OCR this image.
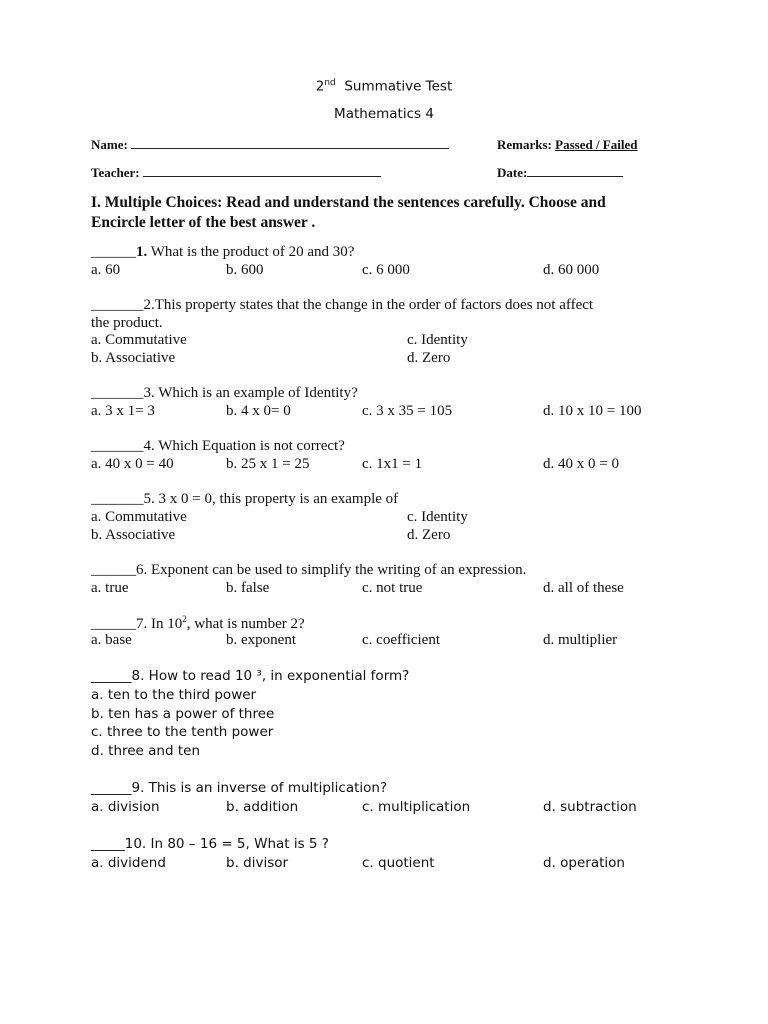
2nd Summative Test
Mathematics 4
Name:	Remarks: Passed / Failed
Teacher:	Date:
I. Multiple Choices: Read and understand the sentences carefully. Choose and
Encircle letter of the best answer .
______1. What is the product of 20 and 30?
a. 60	b. 600	c. 6 000	d. 60 000
_______2.This property states that the change in the order of factors does not affect
the product.
a. Commutative	c. Identity
b. Associative	d. Zero
_______3. Which is an example of Identity?
a. 3 x 1= 3	b. 4 x 0= 0	c. 3 x 35 = 105	d. 10 x 10 = 100
_______4. Which Equation is not correct?
a. 40 x 0 = 40	b. 25 x 1 = 25	c. 1x1 = 1	d. 40 x 0 = 0
_______5. 3 x 0 = 0, this property is an example of
a. Commutative	c. Identity
b. Associative	d. Zero
______6. Exponent can be used to simplify the writing of an expression.
a. true	b. false	c. not true	d. all of these
______7. In $10^2$, what is number 2?
a. base	b. exponent	c. coefficient	d. multiplier
______8. How to read 10 ³, in exponential form?
a. ten to the third power
b. ten has a power of three
c. three to the tenth power
d. three and ten
______9. This is an inverse of multiplication?
a. division	b. addition	c. multiplication	d. subtraction
_____10. In 80 – 16 = 5, What is 5 ?
a. dividend	b. divisor	c. quotient	d. operation
